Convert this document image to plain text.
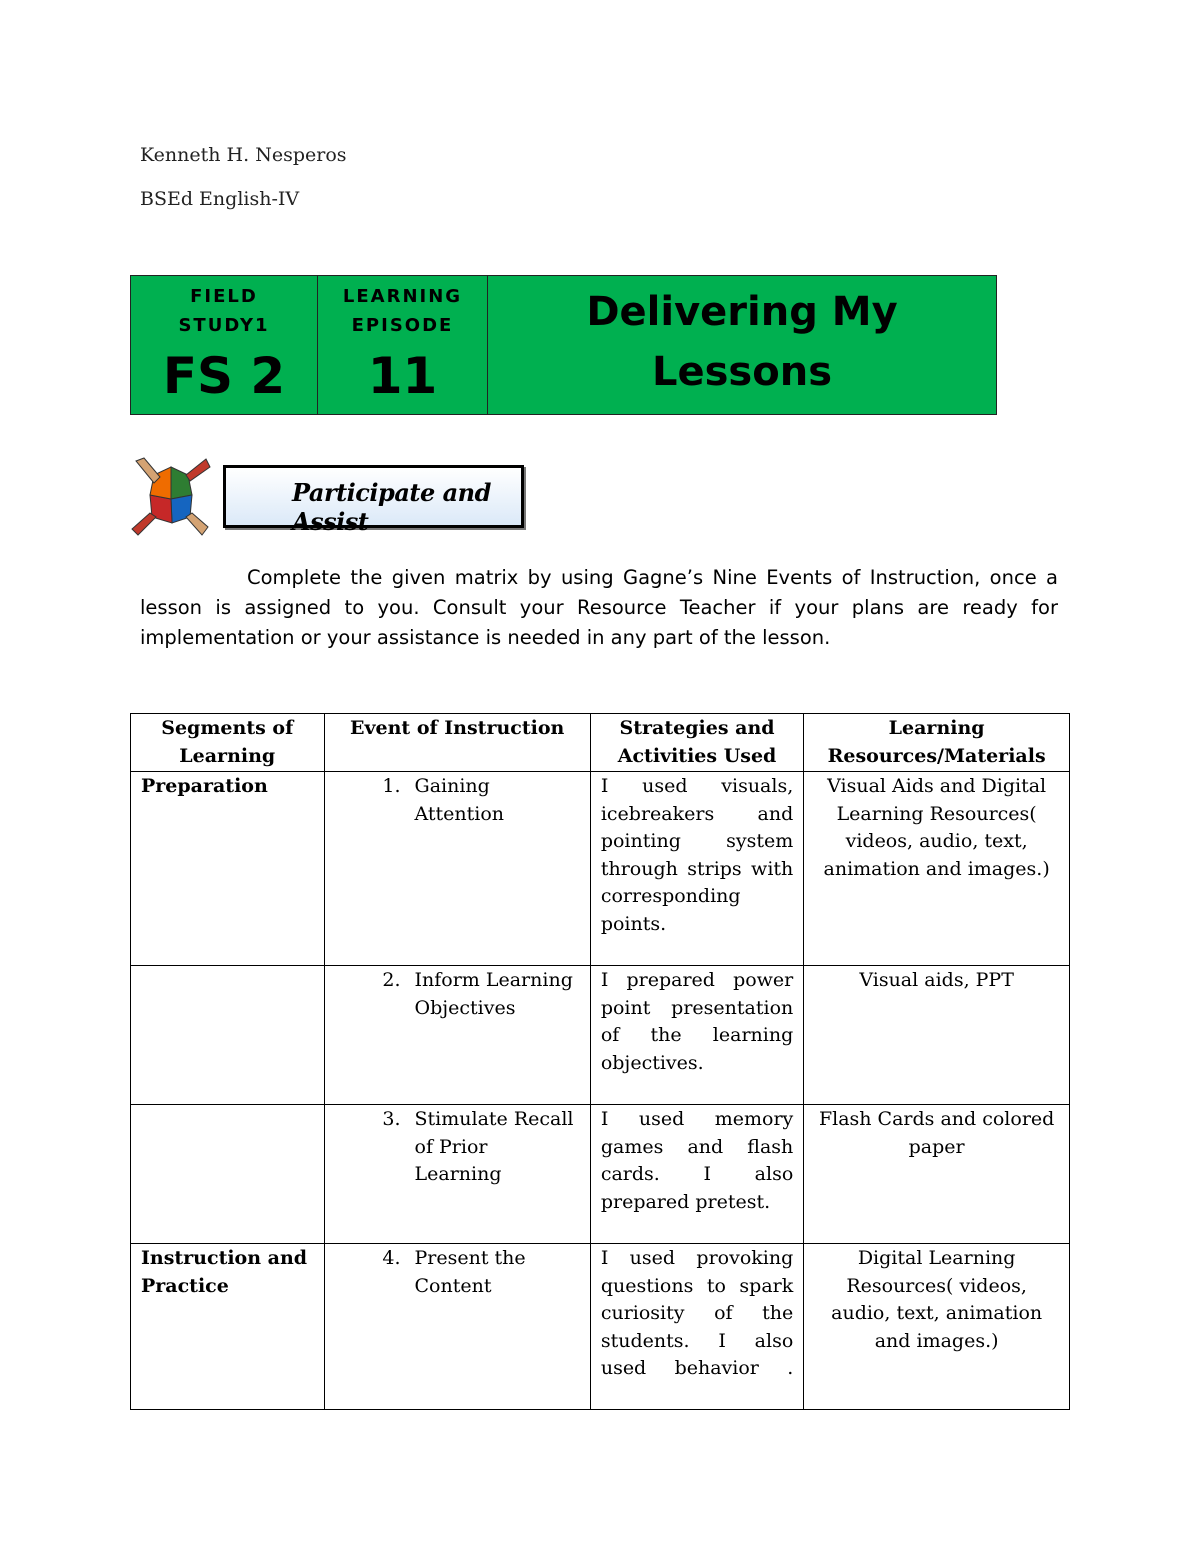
Kenneth H. Nesperos
BSEd English-IV
FIELD STUDY1
FS 2
LEARNING EPISODE
11
Delivering My Lessons
Participate and Assist
Complete the given matrix by using Gagne’s Nine Events of Instruction, once a lesson is assigned to you. Consult your Resource Teacher if your plans are ready for implementation or your assistance is needed in any part of the lesson.
Segments of Learning	Event of Instruction	Strategies and Activities Used	Learning Resources/Materials
Preparation	1. Gaining Attention	I used visuals, icebreakers and pointing system through strips with corresponding points.	Visual Aids and Digital Learning Resources( videos, audio, text, animation and images.)

	2. Inform Learning Objectives	I prepared power point presentation of the learning objectives.	Visual aids, PPT

	3. Stimulate Recall of Prior Learning	I used memory games and flash cards. I also prepared pretest.	Flash Cards and colored paper
Instruction and Practice	4. Present the Content	I used provoking questions to spark curiosity of the students. I also used behavior .	Digital Learning Resources( videos, audio, text, animation and images.)
